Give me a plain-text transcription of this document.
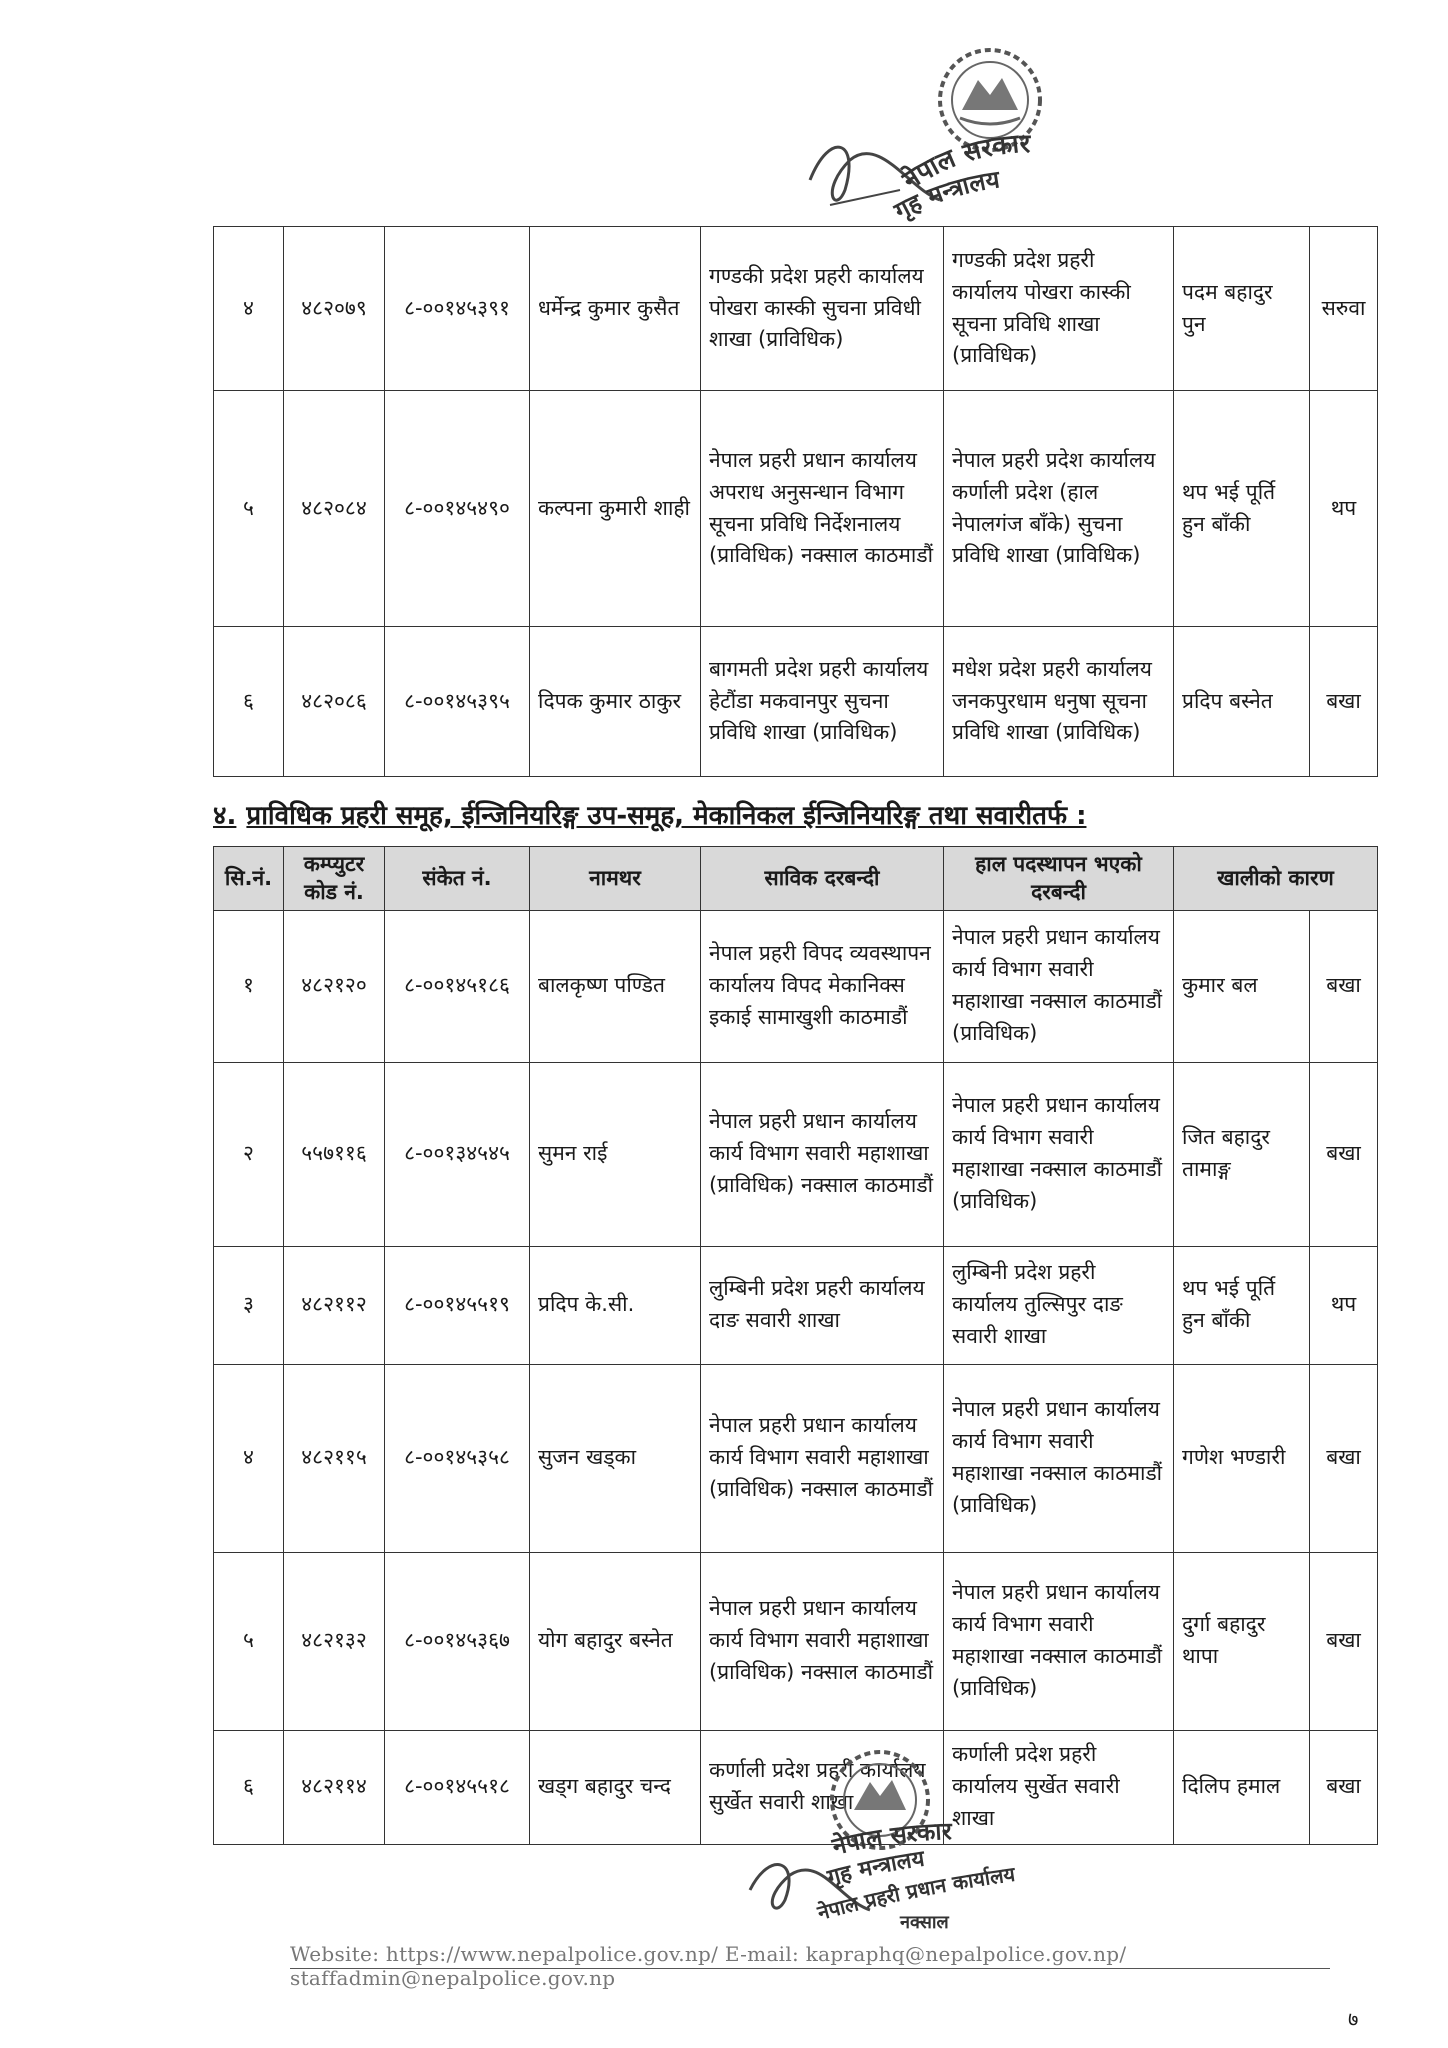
नेपाल सरकार
गृह मन्त्रालय
४	४८२०७९	८-००१४५३९१	धर्मेन्द्र कुमार कुसैत	गण्डकी प्रदेश प्रहरी कार्यालय पोखरा कास्की सुचना प्रविधी शाखा (प्राविधिक)	गण्डकी प्रदेश प्रहरी कार्यालय पोखरा कास्की सूचना प्रविधि शाखा (प्राविधिक)	पदम बहादुर पुन	सरुवा
५	४८२०८४	८-००१४५४९०	कल्पना कुमारी शाही	नेपाल प्रहरी प्रधान कार्यालय अपराध अनुसन्धान विभाग सूचना प्रविधि निर्देशनालय (प्राविधिक) नक्साल काठमाडौं	नेपाल प्रहरी प्रदेश कार्यालय कर्णाली प्रदेश (हाल नेपालगंज बाँके) सुचना प्रविधि शाखा (प्राविधिक)	थप भई पूर्ति हुन बाँकी	थप
६	४८२०८६	८-००१४५३९५	दिपक कुमार ठाकुर	बागमती प्रदेश प्रहरी कार्यालय हेटौंडा मकवानपुर सुचना प्रविधि शाखा (प्राविधिक)	मधेश प्रदेश प्रहरी कार्यालय जनकपुरधाम धनुषा सूचना प्रविधि शाखा (प्राविधिक)	प्रदिप बस्नेत	बखा
४. प्राविधिक प्रहरी समूह, ईन्जिनियरिङ्ग उप-समूह, मेकानिकल ईन्जिनियरिङ्ग तथा सवारीतर्फ :
सि.नं.	कम्प्युटर कोड नं.	संकेत नं.	नामथर	साविक दरबन्दी	हाल पदस्थापन भएको दरबन्दी	खालीको कारण	
१	४८२१२०	८-००१४५१८६	बालकृष्ण पण्डित	नेपाल प्रहरी विपद व्यवस्थापन कार्यालय विपद मेकानिक्स इकाई सामाखुशी काठमाडौं	नेपाल प्रहरी प्रधान कार्यालय कार्य विभाग सवारी महाशाखा नक्साल काठमाडौं (प्राविधिक)	कुमार बल	बखा
२	५५७११६	८-००१३४५४५	सुमन राई	नेपाल प्रहरी प्रधान कार्यालय कार्य विभाग सवारी महाशाखा (प्राविधिक) नक्साल काठमाडौं	नेपाल प्रहरी प्रधान कार्यालय कार्य विभाग सवारी महाशाखा नक्साल काठमाडौं (प्राविधिक)	जित बहादुर तामाङ्ग	बखा
३	४८२११२	८-००१४५५१९	प्रदिप के.सी.	लुम्बिनी प्रदेश प्रहरी कार्यालय दाङ सवारी शाखा	लुम्बिनी प्रदेश प्रहरी कार्यालय तुल्सिपुर दाङ सवारी शाखा	थप भई पूर्ति हुन बाँकी	थप
४	४८२११५	८-००१४५३५८	सुजन खड्का	नेपाल प्रहरी प्रधान कार्यालय कार्य विभाग सवारी महाशाखा (प्राविधिक) नक्साल काठमाडौं	नेपाल प्रहरी प्रधान कार्यालय कार्य विभाग सवारी महाशाखा नक्साल काठमाडौं (प्राविधिक)	गणेश भण्डारी	बखा
५	४८२१३२	८-००१४५३६७	योग बहादुर बस्नेत	नेपाल प्रहरी प्रधान कार्यालय कार्य विभाग सवारी महाशाखा (प्राविधिक) नक्साल काठमाडौं	नेपाल प्रहरी प्रधान कार्यालय कार्य विभाग सवारी महाशाखा नक्साल काठमाडौं (प्राविधिक)	दुर्गा बहादुर थापा	बखा
६	४८२११४	८-००१४५५१८	खड्ग बहादुर चन्द	कर्णाली प्रदेश प्रहरी कार्यालय सुर्खेत सवारी शाखा	कर्णाली प्रदेश प्रहरी कार्यालय सुर्खेत सवारी शाखा	दिलिप हमाल	बखा
नेपाल सरकार
गृह मन्त्रालय
नेपाल प्रहरी प्रधान कार्यालय
नक्साल
Website: https://www.nepalpolice.gov.np/ E-mail: kapraphq@nepalpolice.gov.np/ staffadmin@nepalpolice.gov.np
७
